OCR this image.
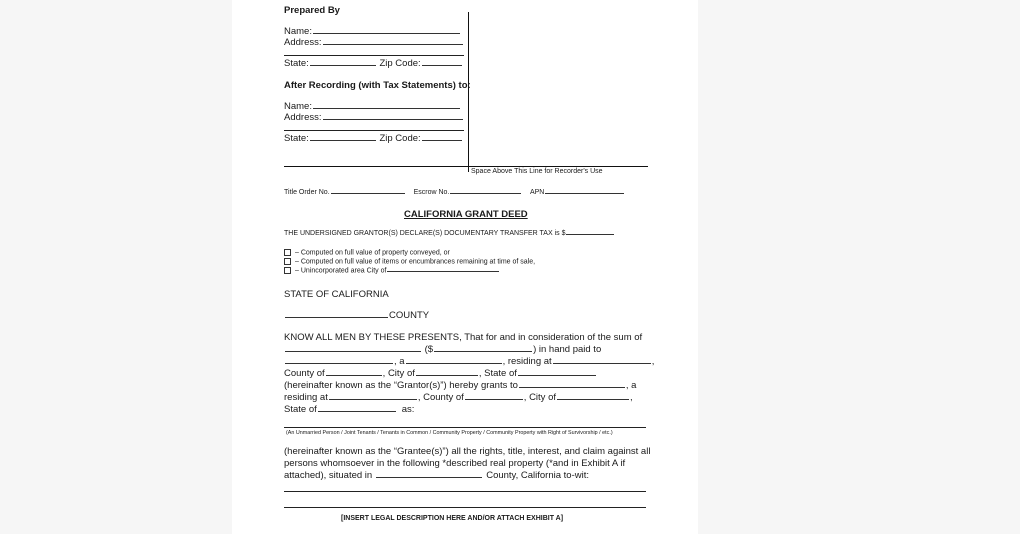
Prepared By
Name:
Address:
State:	Zip Code:
After Recording (with Tax Statements) to:
Name:
Address:
State:	Zip Code:
Space Above This Line for Recorder's Use
Title Order No.	Escrow No.	APN
CALIFORNIA GRANT DEED
THE UNDERSIGNED GRANTOR(S) DECLARE(S) DOCUMENTARY TRANSFER TAX is $
– Computed on full value of property conveyed, or
– Computed on full value of items or encumbrances remaining at time of sale,
– Unincorporated area City of
STATE OF CALIFORNIA
COUNTY
KNOW ALL MEN BY THESE PRESENTS, That for and in consideration of the sum of
($	) in hand paid to
, a	, residing at	,
County of	, City of	, State of
(hereinafter known as the “Grantor(s)”) hereby grants to	, a
residing at	, County of	, City of	,
State of	as:
(An Unmarried Person / Joint Tenants / Tenants in Common / Community Property / Community Property with Right of Survivorship / etc.)
(hereinafter known as the “Grantee(s)”) all the rights, title, interest, and claim against all
persons whomsoever in the following *described real property (*and in Exhibit A if
attached), situated in	County, California to-wit:
[INSERT LEGAL DESCRIPTION HERE AND/OR ATTACH EXHIBIT A]
